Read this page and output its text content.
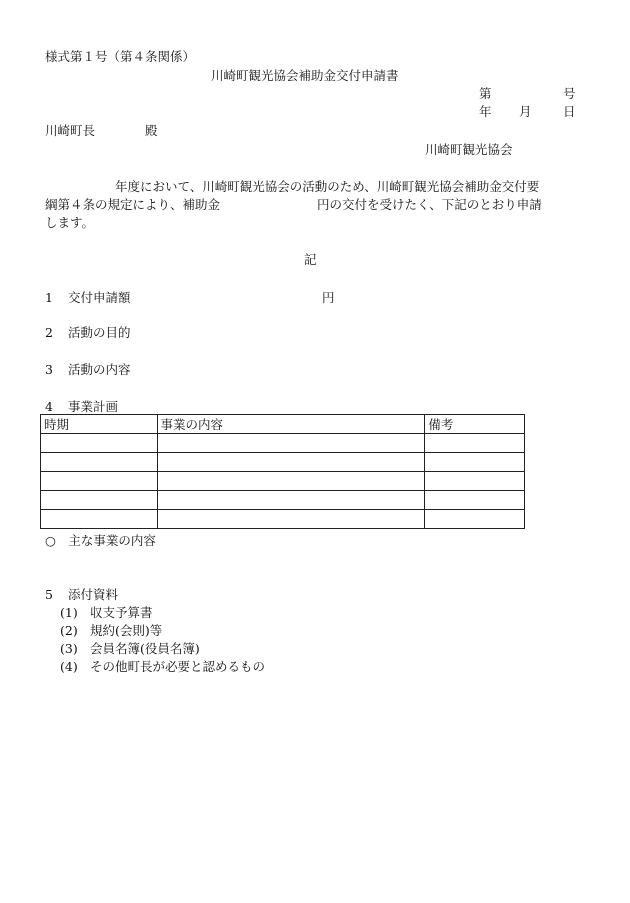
様式第１号（第４条関係）
川崎町観光協会補助金交付申請書
第	号
年 月	日
川崎町長	殿
川崎町観光協会
年度において、川崎町観光協会の活動のため、川崎町観光協会補助金交付要
綱第４条の規定により、補助金	円の交付を受けたく、下記のとおり申請
します。
記
1 交付申請額	円
2 活動の目的
3 活動の内容
4 事業計画
時期	事業の内容	備考

○　主な事業の内容
5 添付資料
(1) 収支予算書
(2) 規約(会則)等
(3) 会員名簿(役員名簿)
(4) その他町長が必要と認めるもの
